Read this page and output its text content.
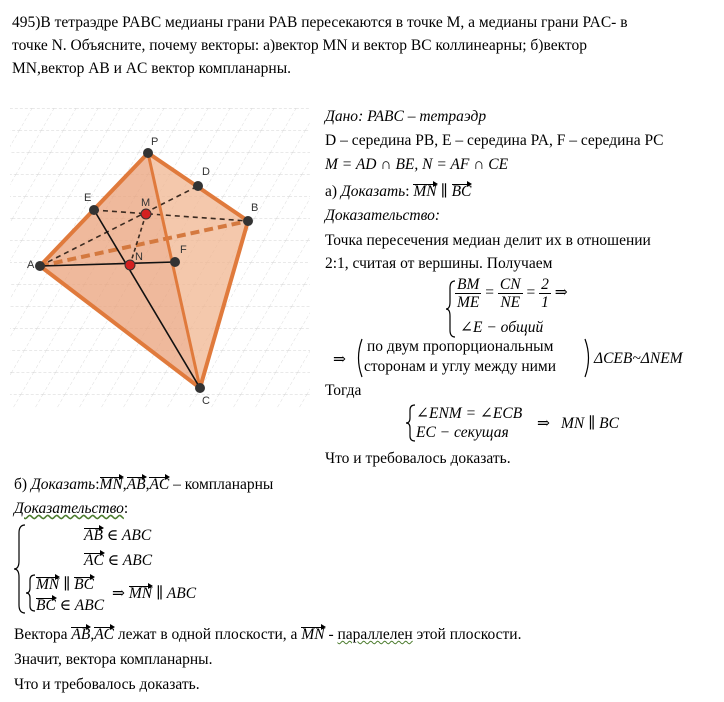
495)В тетраэдре PABC медианы грани PAB пересекаются в точке М, а медианы грани PAC- в
точке N. Объясните, почему векторы: а)вектор MN и вектор BC коллинеарны; б)вектор
MN,вектор AB и AC вектор компланарны.
P
A
B
C
D
E
F
M
N
Дано: PABC – тетраэдр
D – середина PB, E – середина PA, F – середина PC
M = AD ∩ BE, N = AF ∩ CE
а) Доказать: MN ∥ BC
Доказательство:
Точка пересечения медиан делит их в отношении
2:1, считая от вершины. Получаем
$\frac{BM}{ME} = \frac{CN}{NE} = \frac{2}{1}$ ⇒
∠E − общий
⇒
по двум пропорциональным
сторонам и углу между ними ΔCEB~ΔNEM
Тогда
∠ENM = ∠ECB
EC − секущая
⇒ MN ∥ BC
Что и требовалось доказать.
б) Доказать:MN,AB,AC – компланарны
Доказательство:
AB ∈ ABC
AC ∈ ABC
MN ∥ BC
BC ∈ ABC
⇒ MN ∥ ABC
Вектора AB,AC лежат в одной плоскости, а MN - параллелен этой плоскости.
Значит, вектора компланарны.
Что и требовалось доказать.
